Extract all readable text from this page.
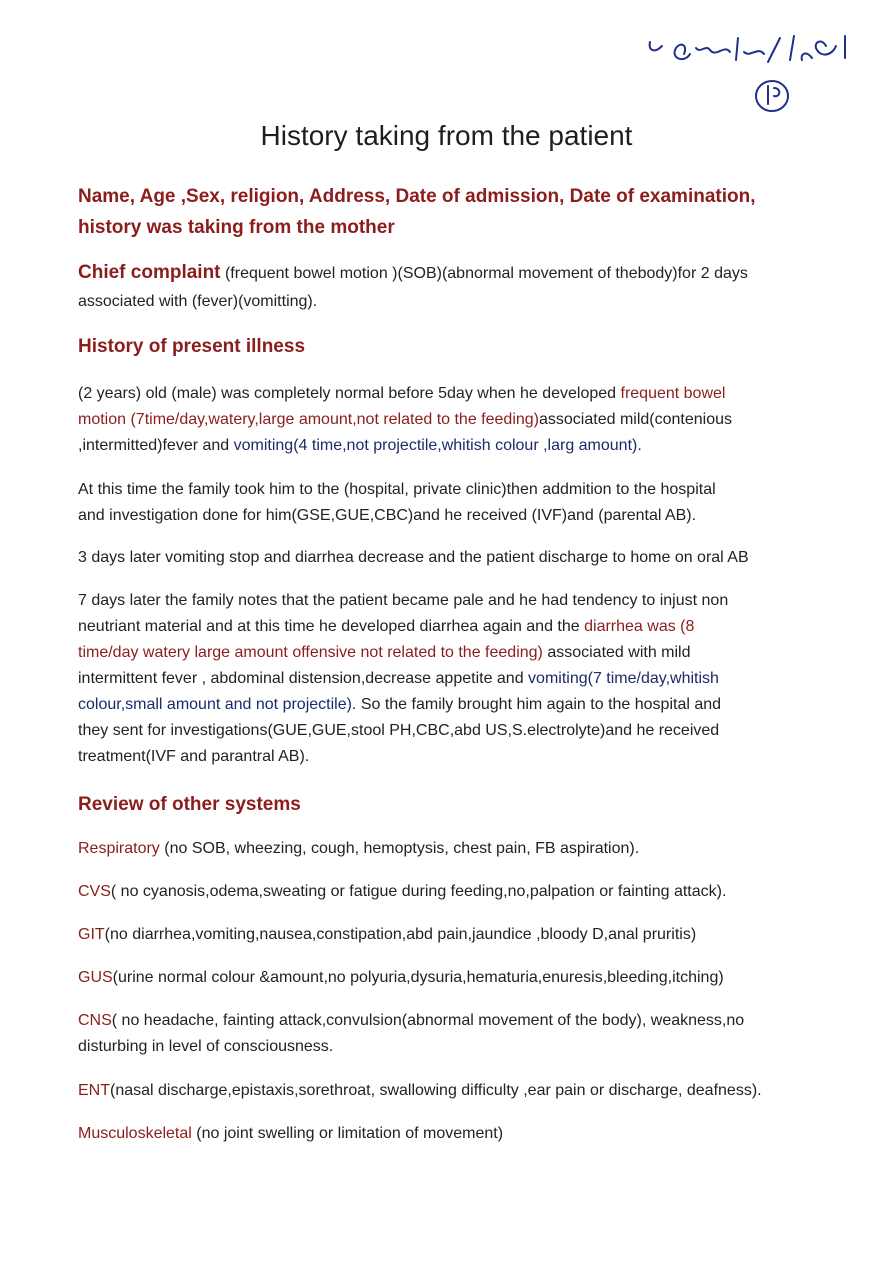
History taking from the patient

Name, Age ,Sex, religion, Address, Date of admission, Date of examination,

history was taking from the mother

Chief complaint (frequent bowel motion )(SOB)(abnormal movement of thebody)for 2 days

associated with (fever)(vomitting).

History of present illness

(2 years) old (male) was completely normal before 5day when he developed frequent bowel

motion (7time/day,watery,large amount,not related to the feeding)associated mild(contenious

,intermitted)fever and vomiting(4 time,not projectile,whitish colour ,larg amount).

At this time the family took him to the (hospital, private clinic)then addmition to the hospital

and investigation done for him(GSE,GUE,CBC)and he received (IVF)and (parental AB).

3 days later vomiting stop and diarrhea decrease and the patient discharge to home on oral AB

7 days later the family notes that the patient became pale and he had tendency to injust non

neutriant material and at this time he developed diarrhea again and the diarrhea was (8

time/day watery large amount offensive not related to the feeding) associated with mild

intermittent fever , abdominal distension,decrease appetite and vomiting(7 time/day,whitish

colour,small amount and not projectile). So the family brought him again to the hospital and

they sent for investigations(GUE,GUE,stool PH,CBC,abd US,S.electrolyte)and he received

treatment(IVF and parantral AB).

Review of other systems

Respiratory (no SOB, wheezing, cough, hemoptysis, chest pain, FB aspiration).

CVS( no cyanosis,odema,sweating or fatigue during feeding,no,palpation or fainting attack).

GIT(no diarrhea,vomiting,nausea,constipation,abd pain,jaundice ,bloody D,anal pruritis)

GUS(urine normal colour &amount,no polyuria,dysuria,hematuria,enuresis,bleeding,itching)

CNS( no headache, fainting attack,convulsion(abnormal movement of the body), weakness,no

disturbing in level of consciousness.

ENT(nasal discharge,epistaxis,sorethroat, swallowing difficulty ,ear pain or discharge, deafness).

Musculoskeletal (no joint swelling or limitation of movement)
